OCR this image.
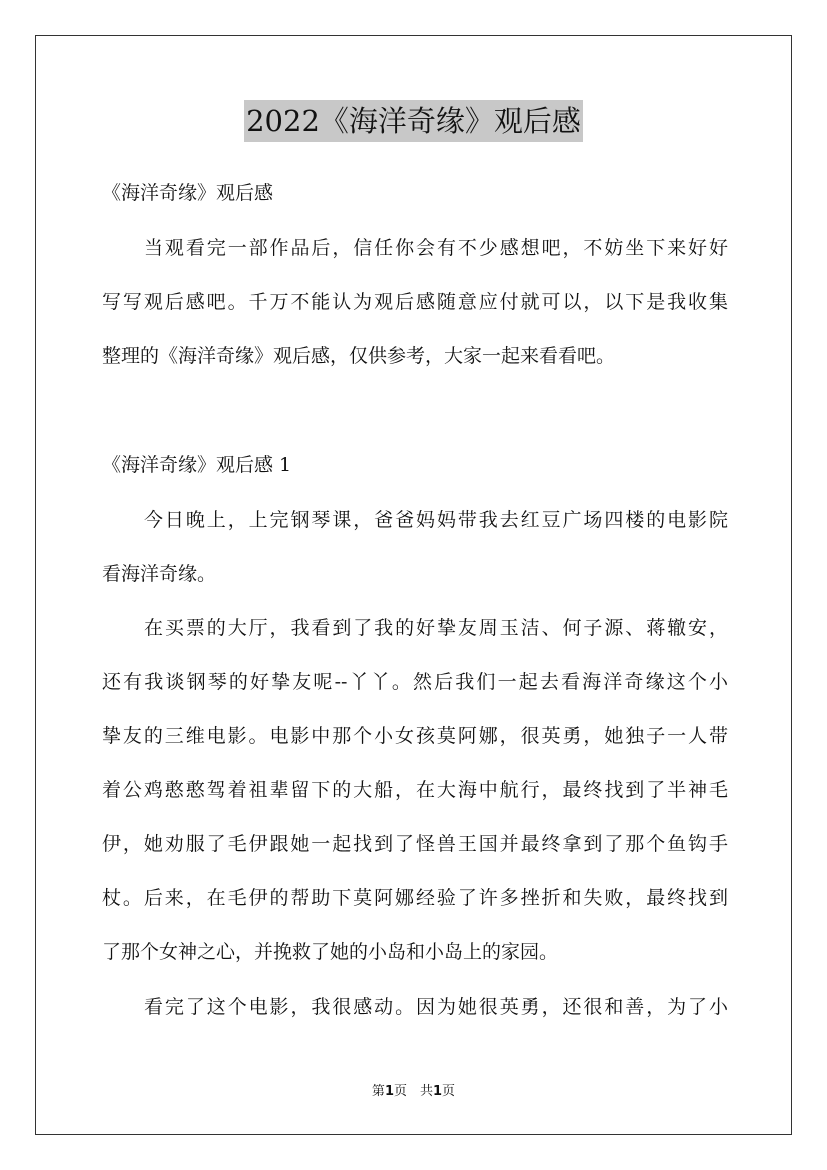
2022《海洋奇缘》观后感
《海洋奇缘》观后感
当观看完一部作品后，信任你会有不少感想吧，不妨坐下来好好
写写观后感吧。千万不能认为观后感随意应付就可以，以下是我收集
整理的《海洋奇缘》观后感，仅供参考，大家一起来看看吧。
《海洋奇缘》观后感 1
今日晚上，上完钢琴课，爸爸妈妈带我去红豆广场四楼的电影院
看海洋奇缘。
在买票的大厅，我看到了我的好挚友周玉洁、何子源、蒋辙安，
还有我谈钢琴的好挚友呢--丫丫。然后我们一起去看海洋奇缘这个小
挚友的三维电影。电影中那个小女孩莫阿娜，很英勇，她独子一人带
着公鸡憨憨驾着祖辈留下的大船，在大海中航行，最终找到了半神毛
伊，她劝服了毛伊跟她一起找到了怪兽王国并最终拿到了那个鱼钩手
杖。后来，在毛伊的帮助下莫阿娜经验了许多挫折和失败，最终找到
了那个女神之心，并挽救了她的小岛和小岛上的家园。
看完了这个电影，我很感动。因为她很英勇，还很和善，为了小
第1页　共1页
